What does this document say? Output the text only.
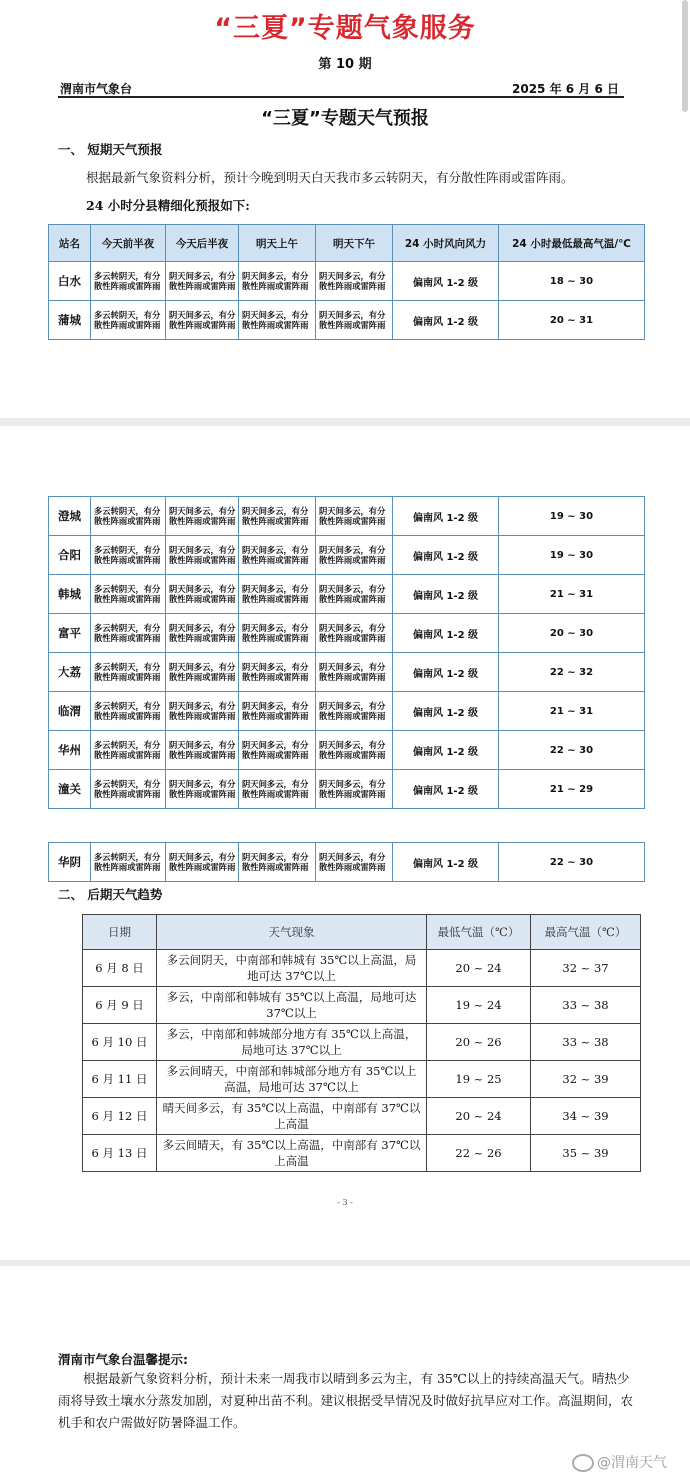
“三夏”专题气象服务
第 10 期
渭南市气象台	2025 年 6 月 6 日
“三夏”专题天气预报
一、 短期天气预报
根据最新气象资料分析，预计今晚到明天白天我市多云转阴天，有分散性阵雨或雷阵雨。
24 小时分县精细化预报如下:
站名	今天前半夜	今天后半夜	明天上午	明天下午	24 小时风向风力	24 小时最低最高气温/℃
白水	多云转阴天，有分散性阵雨或雷阵雨	阴天间多云，有分散性阵雨或雷阵雨	阴天间多云，有分散性阵雨或雷阵雨	阴天间多云，有分散性阵雨或雷阵雨	偏南风 1-2 级	18 ~ 30
蒲城	多云转阴天，有分散性阵雨或雷阵雨	阴天间多云，有分散性阵雨或雷阵雨	阴天间多云，有分散性阵雨或雷阵雨	阴天间多云，有分散性阵雨或雷阵雨	偏南风 1-2 级	20 ~ 31
澄城	多云转阴天，有分散性阵雨或雷阵雨	阴天间多云，有分散性阵雨或雷阵雨	阴天间多云，有分散性阵雨或雷阵雨	阴天间多云，有分散性阵雨或雷阵雨	偏南风 1-2 级	19 ~ 30
合阳	多云转阴天，有分散性阵雨或雷阵雨	阴天间多云，有分散性阵雨或雷阵雨	阴天间多云，有分散性阵雨或雷阵雨	阴天间多云，有分散性阵雨或雷阵雨	偏南风 1-2 级	19 ~ 30
韩城	多云转阴天，有分散性阵雨或雷阵雨	阴天间多云，有分散性阵雨或雷阵雨	阴天间多云，有分散性阵雨或雷阵雨	阴天间多云，有分散性阵雨或雷阵雨	偏南风 1-2 级	21 ~ 31
富平	多云转阴天，有分散性阵雨或雷阵雨	阴天间多云，有分散性阵雨或雷阵雨	阴天间多云，有分散性阵雨或雷阵雨	阴天间多云，有分散性阵雨或雷阵雨	偏南风 1-2 级	20 ~ 30
大荔	多云转阴天，有分散性阵雨或雷阵雨	阴天间多云，有分散性阵雨或雷阵雨	阴天间多云，有分散性阵雨或雷阵雨	阴天间多云，有分散性阵雨或雷阵雨	偏南风 1-2 级	22 ~ 32
临渭	多云转阴天，有分散性阵雨或雷阵雨	阴天间多云，有分散性阵雨或雷阵雨	阴天间多云，有分散性阵雨或雷阵雨	阴天间多云，有分散性阵雨或雷阵雨	偏南风 1-2 级	21 ~ 31
华州	多云转阴天，有分散性阵雨或雷阵雨	阴天间多云，有分散性阵雨或雷阵雨	阴天间多云，有分散性阵雨或雷阵雨	阴天间多云，有分散性阵雨或雷阵雨	偏南风 1-2 级	22 ~ 30
潼关	多云转阴天，有分散性阵雨或雷阵雨	阴天间多云，有分散性阵雨或雷阵雨	阴天间多云，有分散性阵雨或雷阵雨	阴天间多云，有分散性阵雨或雷阵雨	偏南风 1-2 级	21 ~ 29
华阴	多云转阴天，有分散性阵雨或雷阵雨	阴天间多云，有分散性阵雨或雷阵雨	阴天间多云，有分散性阵雨或雷阵雨	阴天间多云，有分散性阵雨或雷阵雨	偏南风 1-2 级	22 ~ 30
二、 后期天气趋势
日期	天气现象	最低气温（℃）	最高气温（℃）
6 月 8 日	多云间阴天，中南部和韩城有 35℃以上高温，局地可达 37℃以上	20 ~ 24	32 ~ 37
6 月 9 日	多云，中南部和韩城有 35℃以上高温，局地可达 37℃以上	19 ~ 24	33 ~ 38
6 月 10 日	多云，中南部和韩城部分地方有 35℃以上高温，局地可达 37℃以上	20 ~ 26	33 ~ 38
6 月 11 日	多云间晴天，中南部和韩城部分地方有 35℃以上高温，局地可达 37℃以上	19 ~ 25	32 ~ 39
6 月 12 日	晴天间多云，有 35℃以上高温，中南部有 37℃以上高温	20 ~ 24	34 ~ 39
6 月 13 日	多云间晴天，有 35℃以上高温，中南部有 37℃以上高温	22 ~ 26	35 ~ 39
- 3 -
渭南市气象台温馨提示:
根据最新气象资料分析，预计未来一周我市以晴到多云为主，有 35℃以上的持续高温天气。晴热少雨将导致土壤水分蒸发加剧，对夏种出苗不利。建议根据受旱情况及时做好抗旱应对工作。高温期间，农机手和农户需做好防暑降温工作。
@渭南天气
